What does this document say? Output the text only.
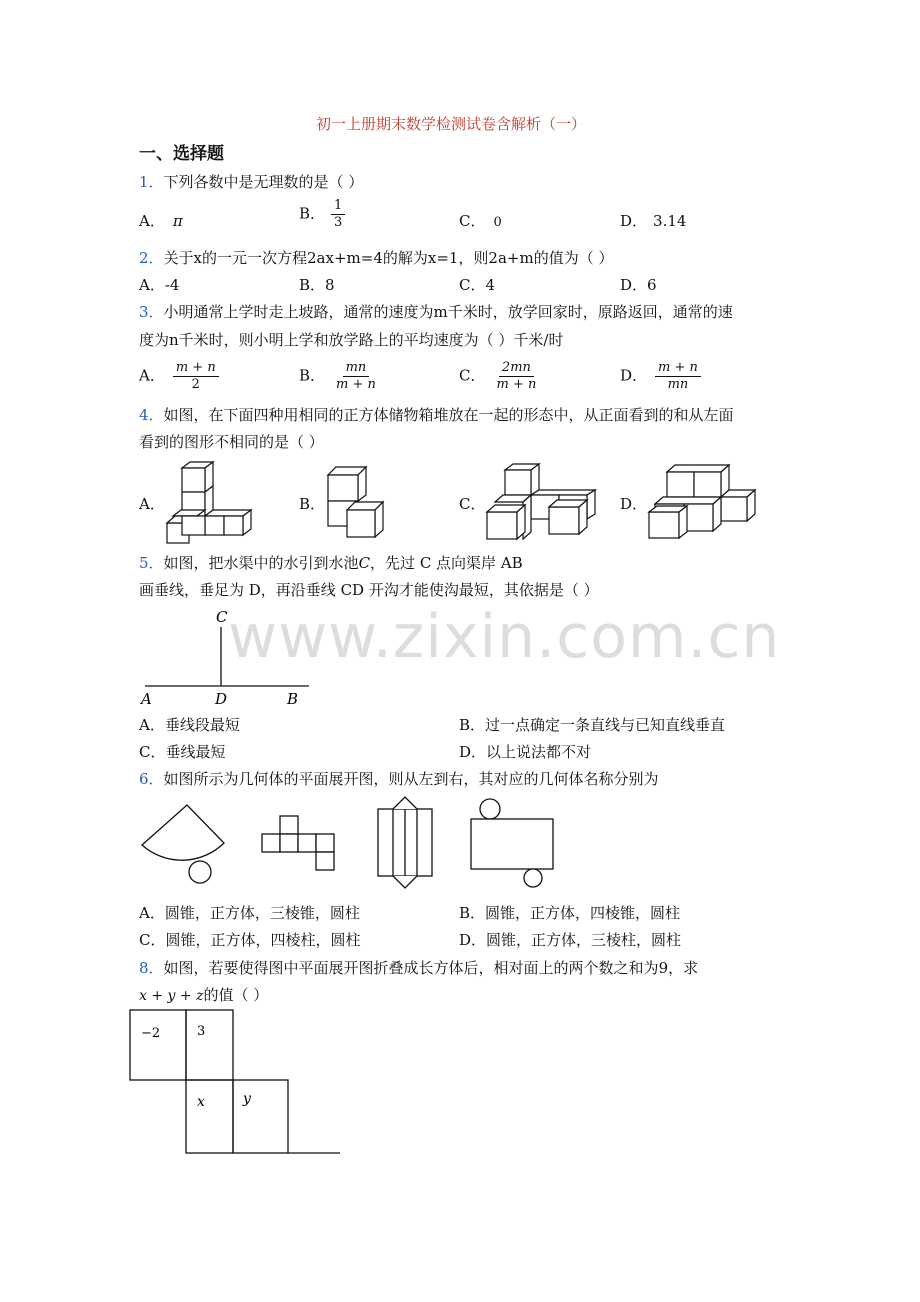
初一上册期末数学检测试卷含解析（一）
一、选择题
www.zixin.com.cn
1．下列各数中是无理数的是（ ）
A． π	B． $\frac{1}{3}$	C． 0	D． 3.14
2．关于x的一元一次方程2ax+m=4的解为x=1，则2a+m的值为（ ）
A．-4	B．8	C．4	D．6
3．小明通常上学时走上坡路，通常的速度为m千米时，放学回家时，原路返回，通常的速
度为n千米时，则小明上学和放学路上的平均速度为（ ）千米/时
A． $\frac{m + n}{2}$	B． $\frac{mn}{m + n}$	C． $\frac{2mn}{m + n}$	D． $\frac{m + n}{mn}$
4．如图，在下面四种用相同的正方体储物箱堆放在一起的形态中，从正面看到的和从左面
看到的图形不相同的是（ ）
A．	B．	C．	D．
5．如图，把水渠中的水引到水池C，先过 C 点向渠岸 AB
画垂线，垂足为 D，再沿垂线 CD 开沟才能使沟最短，其依据是（ ）
C
A	D	B
A．垂线段最短	B．过一点确定一条直线与已知直线垂直
C．垂线最短	D．以上说法都不对
6．如图所示为几何体的平面展开图，则从左到右，其对应的几何体名称分别为
A．圆锥，正方体，三棱锥，圆柱	B．圆锥，正方体，四棱锥，圆柱
C．圆锥，正方体，四棱柱，圆柱	D．圆锥，正方体，三棱柱，圆柱
8．如图，若要使得图中平面展开图折叠成长方体后，相对面上的两个数之和为9，求
x + y + z的值（ ）
−2	3
x	y
